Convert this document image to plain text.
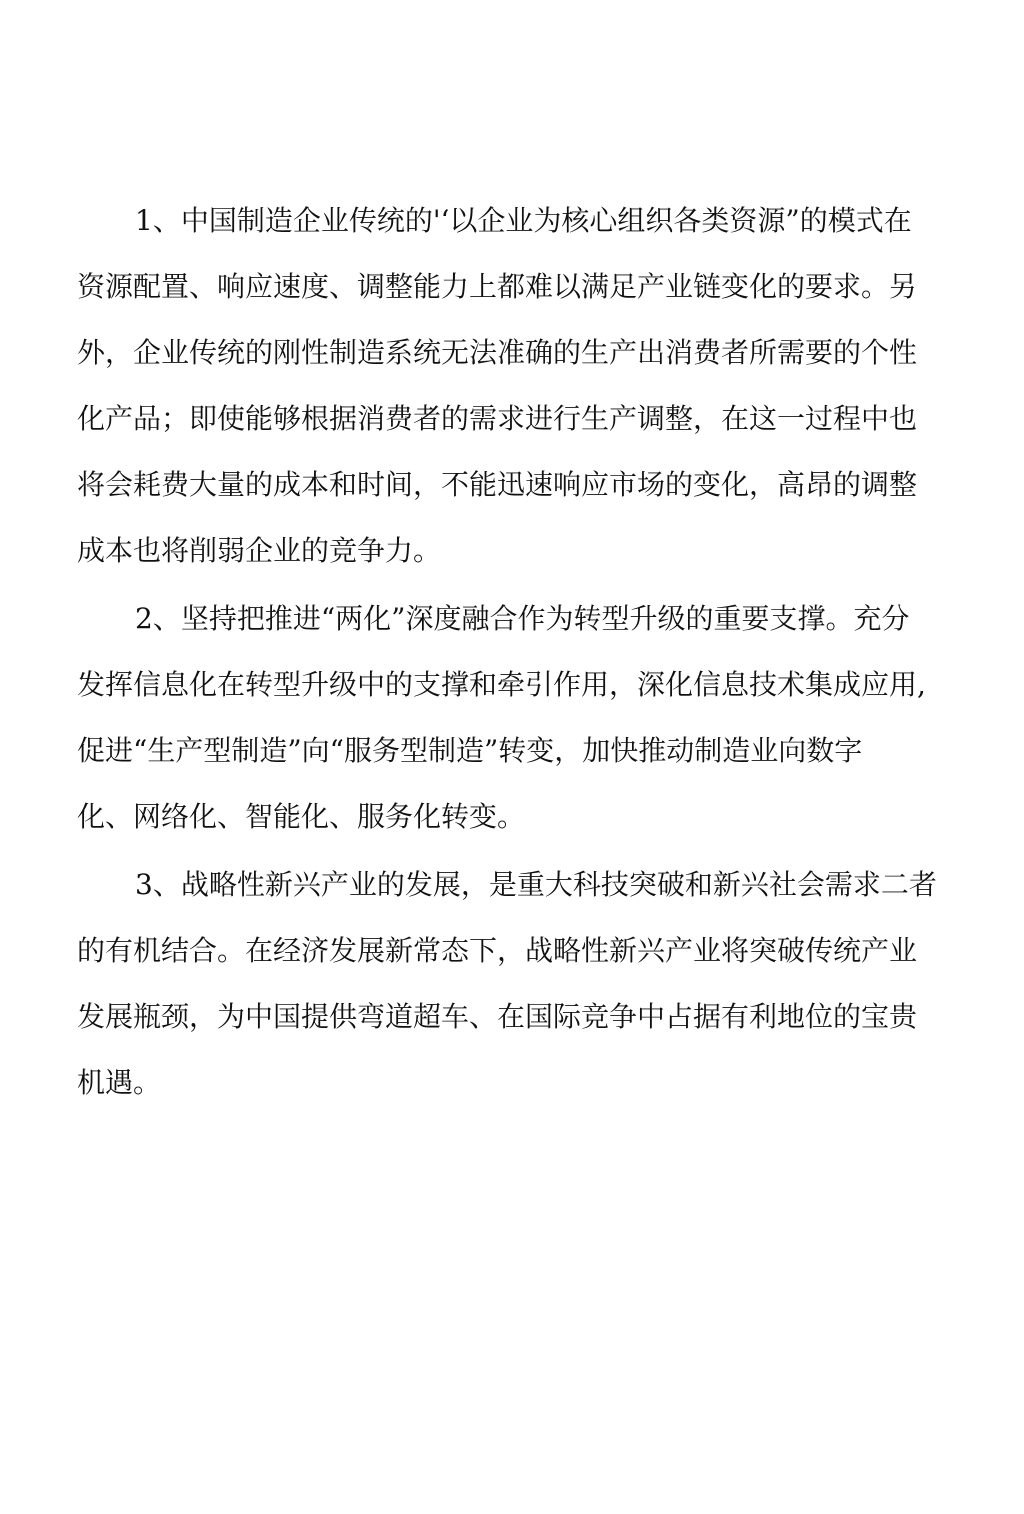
1、中国制造企业传统的'‘以企业为核心组织各类资源”的模式在
资源配置、响应速度、调整能力上都难以满足产业链变化的要求。另
外，企业传统的刚性制造系统无法准确的生产出消费者所需要的个性
化产品；即使能够根据消费者的需求进行生产调整，在这一过程中也
将会耗费大量的成本和时间，不能迅速响应市场的变化，高昂的调整
成本也将削弱企业的竞争力。
2、坚持把推进“两化”深度融合作为转型升级的重要支撑。充分
发挥信息化在转型升级中的支撑和牵引作用，深化信息技术集成应用,
促进“生产型制造”向“服务型制造”转变，加快推动制造业向数字
化、网络化、智能化、服务化转变。
3、战略性新兴产业的发展，是重大科技突破和新兴社会需求二者
的有机结合。在经济发展新常态下，战略性新兴产业将突破传统产业
发展瓶颈，为中国提供弯道超车、在国际竞争中占据有利地位的宝贵
机遇。
